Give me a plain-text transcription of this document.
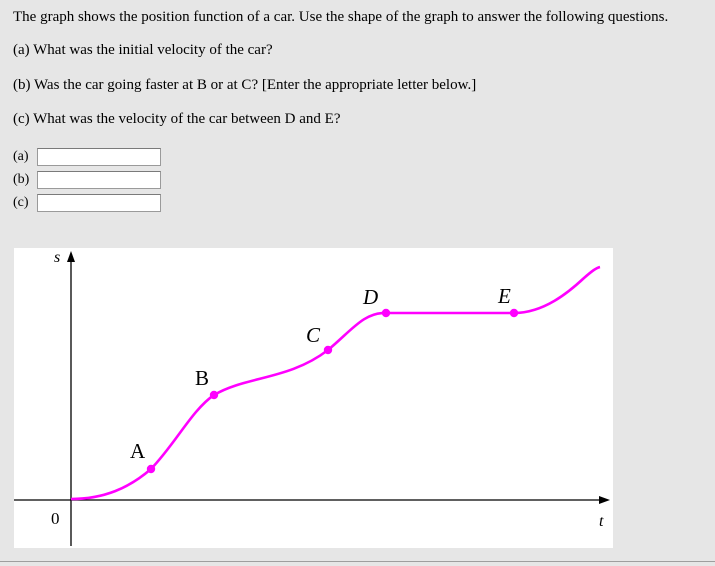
The graph shows the position function of a car. Use the shape of the graph to answer the following questions.
(a) What was the initial velocity of the car?
(b) Was the car going faster at B or at C? [Enter the appropriate letter below.]
(c) What was the velocity of the car between D and E?
(a)
(b)
(c)
s
t
0
A
B
C
D	E
